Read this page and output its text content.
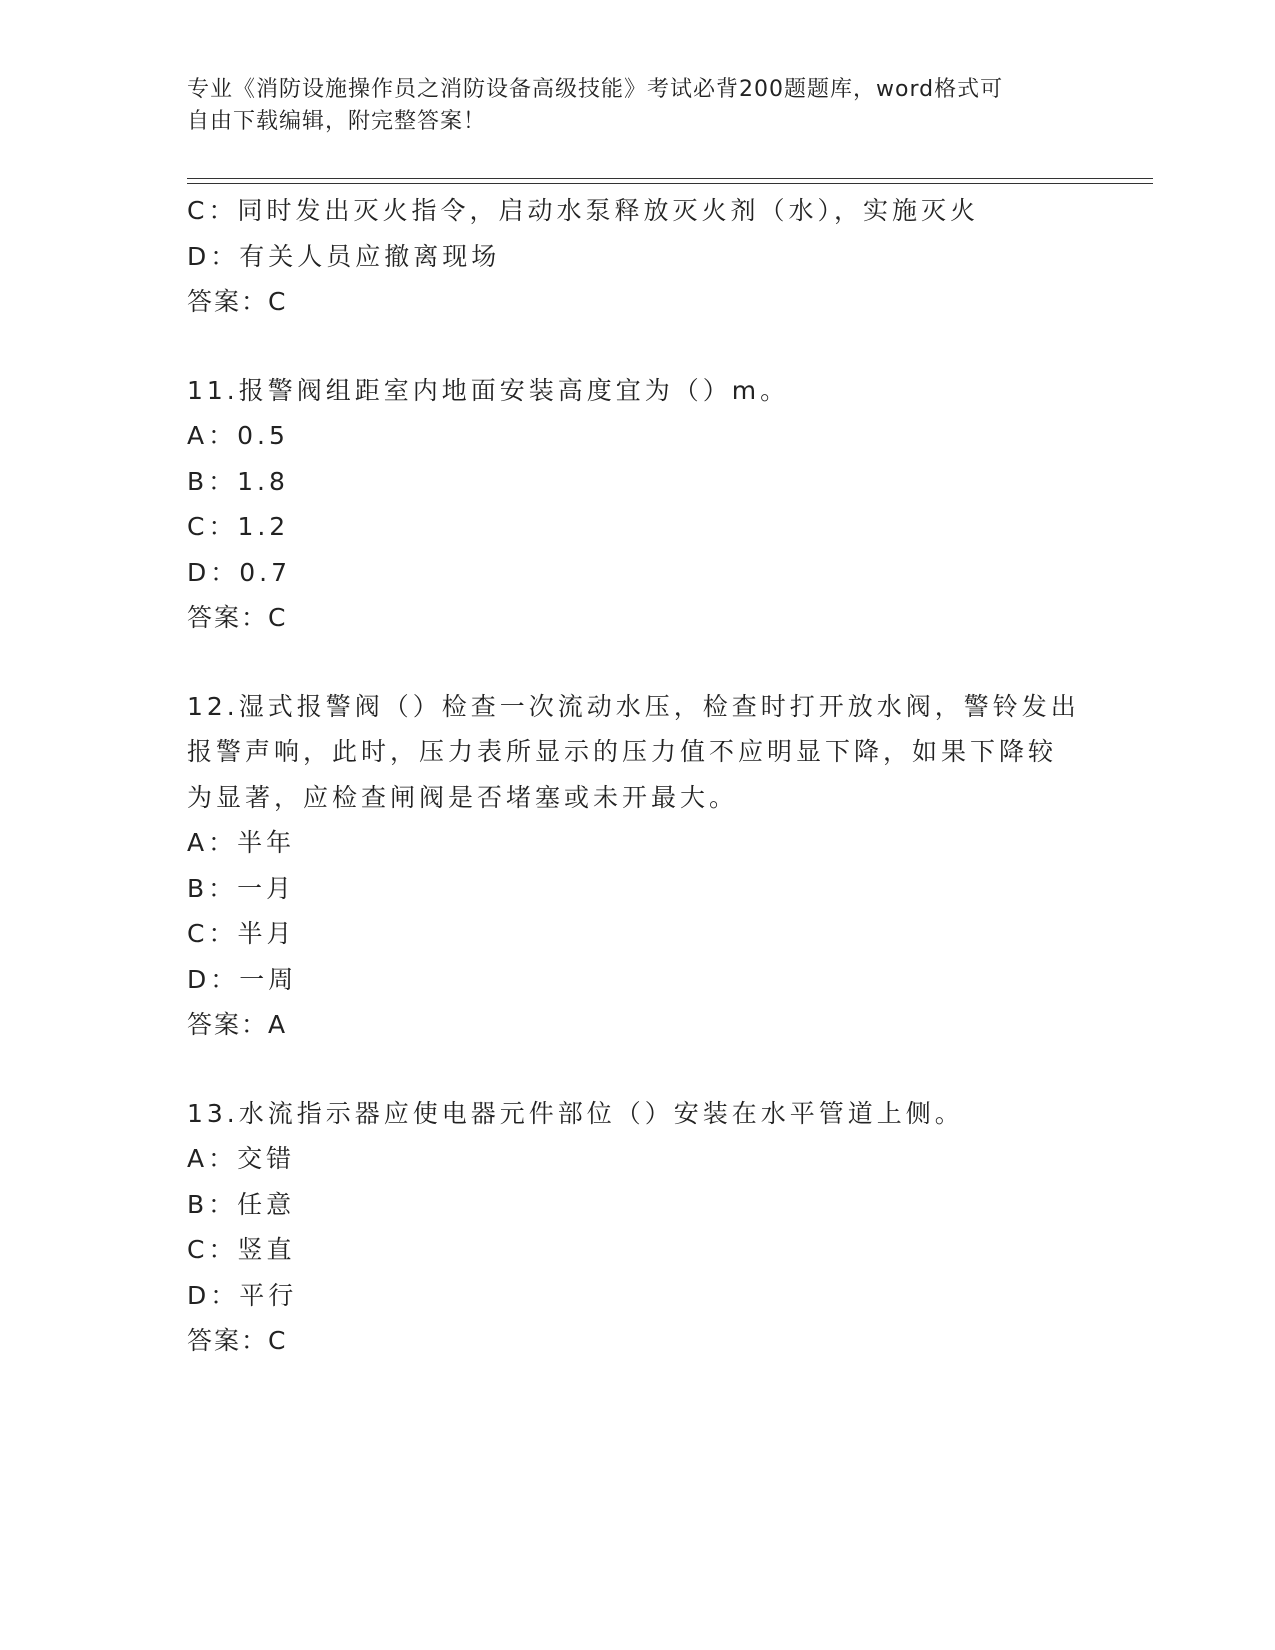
专业《消防设施操作员之消防设备高级技能》考试必背200题题库，word格式可
自由下载编辑，附完整答案！
C：同时发出灭火指令，启动水泵释放灭火剂（水），实施灭火
D：有关人员应撤离现场
答案：C
11.报警阀组距室内地面安装高度宜为（）m。
A：0.5
B：1.8
C：1.2
D：0.7
答案：C
12.湿式报警阀（）检查一次流动水压，检查时打开放水阀，警铃发出
报警声响，此时，压力表所显示的压力值不应明显下降，如果下降较
为显著，应检查闸阀是否堵塞或未开最大。
A：半年
B：一月
C：半月
D：一周
答案：A
13.水流指示器应使电器元件部位（）安装在水平管道上侧。
A：交错
B：任意
C：竖直
D：平行
答案：C
